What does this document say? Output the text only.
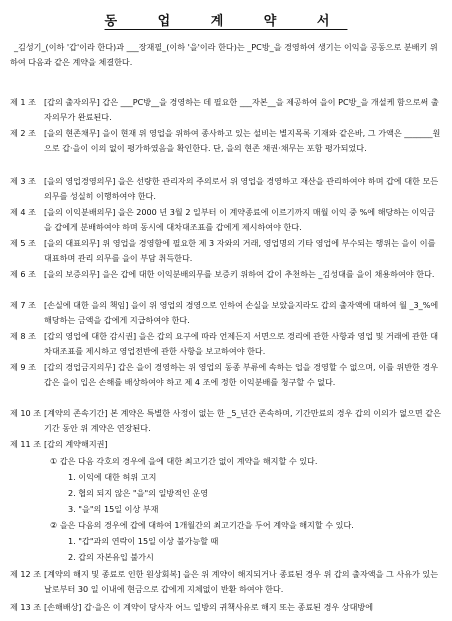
동 업 계 약 서
_김성기_(이하 '갑'이라 한다)과 ___장재필_(이하 '을'이라 한다)는 _PC방_을 경영하여 생기는 이익을 공동으로 분배키 위하여 다음과 같은 계약을 체결한다.
제 1 조 [갑의 출자의무] 갑은 ___PC방__을 경영하는 데 필요한 ___자본__을 제공하여 을이 PC방_을 개설케 함으로써 출자의무가 완료된다.
제 2 조 [을의 현존채무] 을이 현재 위 영업을 위하여 종사하고 있는 설비는 별지목록 기재와 같은바, 그 가액은 _______원으로 갑·을이 이의 없이 평가하였음을 확인한다. 단, 을의 현존 채권·채무는 포함 평가되었다.
제 3 조 [을의 영업경영의무] 을은 선량한 관리자의 주의로서 위 영업을 경영하고 재산을 관리하여야 하며 갑에 대한 모든 의무를 성실히 이행하여야 한다.
제 4 조 [을의 이익분배의무] 을은 2000 년 3월 2 일부터 이 계약종료에 이르기까지 매월 이익 중 %에 해당하는 이익금을 갑에게 분배하여야 하며 동시에 대차대조표를 갑에게 제시하여야 한다.
제 5 조 [을의 대표의무] 위 영업을 경영함에 필요한 제 3 자와의 거래, 영업명의 기타 영업에 부수되는 행위는 을이 이를 대표하며 관리 의무를 을이 부담 취득한다.
제 6 조 [을의 보증의무] 을은 갑에 대한 이익분배의무를 보증키 위하여 갑이 추천하는 _김성대를 을이 채용하여야 한다.
제 7 조 [손실에 대한 을의 책임] 을이 위 영업의 경영으로 인하여 손실을 보았을지라도 갑의 출자액에 대하여 월 _3_%에 해당하는 금액을 갑에게 지급하여야 한다.
제 8 조 [갑의 영업에 대한 감시권] 을은 갑의 요구에 따라 언제든지 서면으로 경리에 관한 사항과 영업 및 거래에 관한 대차대조표를 제시하고 영업전반에 관한 사항을 보고하여야 한다.
제 9 조 [갑의 경업금지의무] 갑은 을이 경영하는 위 영업의 동종 부류에 속하는 업을 경영할 수 없으며, 이를 위반한 경우 갑은 을이 입은 손해를 배상하여야 하고 제 4 조에 정한 이익분배를 청구할 수 없다.
제 10 조 [계약의 존속기간] 본 계약은 특별한 사정이 없는 한 _5_년간 존속하며, 기간만료의 경우 갑의 이의가 없으면 같은 기간 동안 위 계약은 연장된다.
제 11 조 [갑의 계약해지권]
① 갑은 다음 각호의 경우에 을에 대한 최고기간 없이 계약을 해지할 수 있다.
1. 이익에 대한 허위 고지
2. 협의 되지 않은 "을"의 일방적인 운영
3. "을"의 15일 이상 부재
② 을은 다음의 경우에 갑에 대하여 1개월간의 최고기간을 두어 계약을 해지할 수 있다.
1. "갑"과의 연락이 15일 이상 불가능할 때
2. 갑의 자본유입 불가시
제 12 조 [계약의 해지 및 종료로 인한 원상회복] 을은 위 계약이 해지되거나 종료된 경우 위 갑의 출자액을 그 사유가 있는 날로부터 30 일 이내에 현금으로 갑에게 지체없이 반환 하여야 한다.
제 13 조 [손해배상] 갑·을은 이 계약이 당사자 어느 일방의 귀책사유로 해지 또는 종료된 경우 상대방에
